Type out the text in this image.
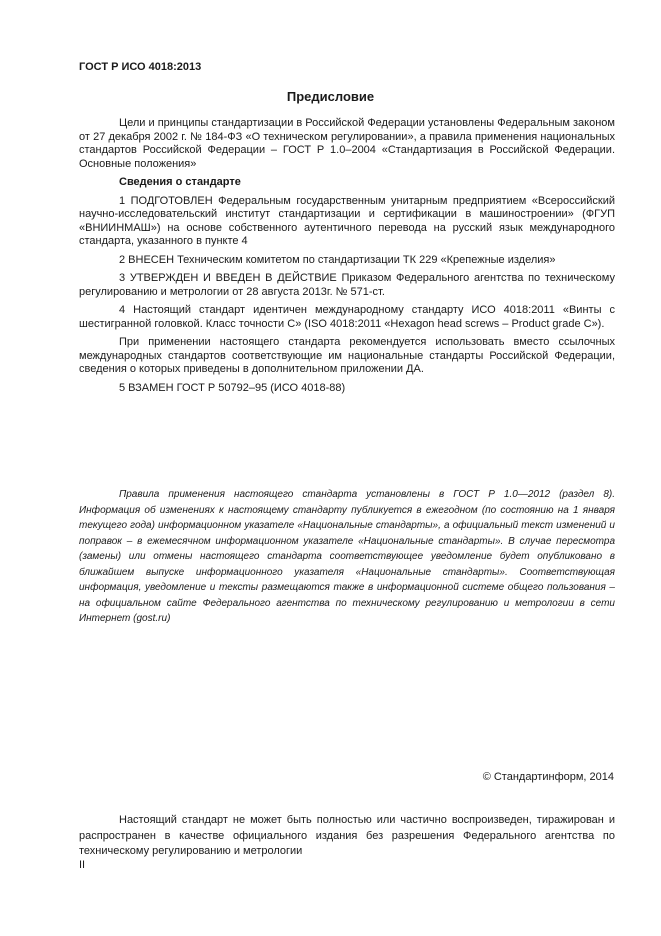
ГОСТ Р ИСО 4018:2013
Предисловие

Цели и принципы стандартизации в Российской Федерации установлены Федеральным законом от 27 декабря 2002 г. № 184-ФЗ «О техническом регулировании», а правила применения национальных стандартов Российской Федерации – ГОСТ Р 1.0–2004 «Стандартизация в Российской Федерации. Основные положения»

Сведения о стандарте

1 ПОДГОТОВЛЕН Федеральным государственным унитарным предприятием «Всероссийский научно-исследовательский институт стандартизации и сертификации в машиностроении» (ФГУП «ВНИИНМАШ») на основе собственного аутентичного перевода на русский язык международного стандарта, указанного в пункте 4

2 ВНЕСЕН Техническим комитетом по стандартизации ТК 229 «Крепежные изделия»

3 УТВЕРЖДЕН И ВВЕДЕН В ДЕЙСТВИЕ Приказом Федерального агентства по техническому регулированию и метрологии от 28 августа 2013г. № 571-ст.

4 Настоящий стандарт идентичен международному стандарту ИСО 4018:2011 «Винты с шестигранной головкой. Класс точности С» (ISO 4018:2011 «Hexagon head screws – Product grade C»).

При применении настоящего стандарта рекомендуется использовать вместо ссылочных международных стандартов соответствующие им национальные стандарты Российской Федерации, сведения о которых приведены в дополнительном приложении ДА.

5 ВЗАМЕН ГОСТ Р 50792–95 (ИСО 4018-88)

Правила применения настоящего стандарта установлены в ГОСТ Р 1.0—2012 (раздел 8). Информация об изменениях к настоящему стандарту публикуется в ежегодном (по состоянию на 1 января текущего года) информационном указателе «Национальные стандарты», а официальный текст изменений и поправок – в ежемесячном информационном указателе «Национальные стандарты». В случае пересмотра (замены) или отмены настоящего стандарта соответствующее уведомление будет опубликовано в ближайшем выпуске информационного указателя «Национальные стандарты». Соответствующая информация, уведомление и тексты размещаются также в информационной системе общего пользования – на официальном сайте Федерального агентства по техническому регулированию и метрологии в сети Интернет (gost.ru)
© Стандартинформ, 2014
Настоящий стандарт не может быть полностью или частично воспроизведен, тиражирован и распространен в качестве официального издания без разрешения Федерального агентства по техническому регулированию и метрологии
II
